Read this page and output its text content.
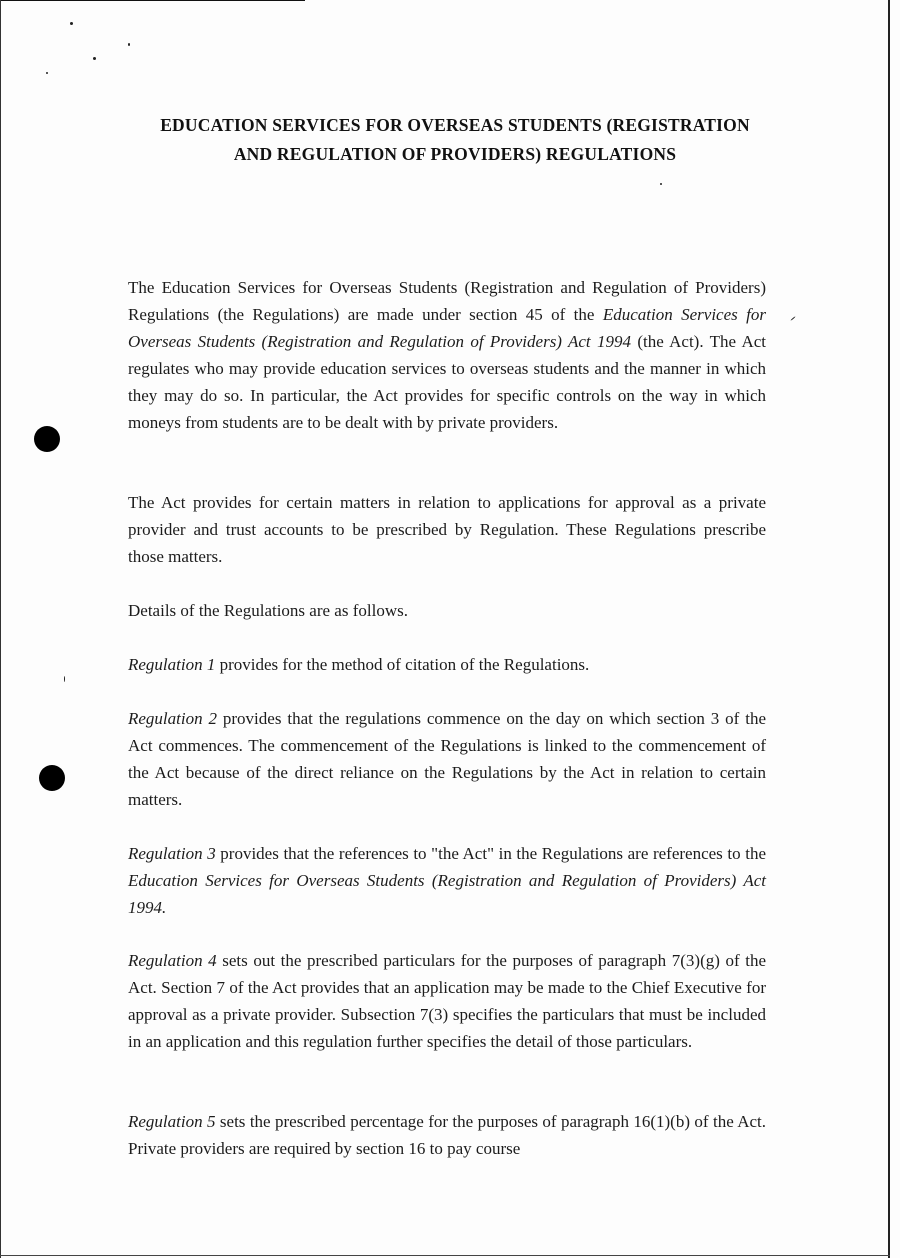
EDUCATION SERVICES FOR OVERSEAS STUDENTS (REGISTRATION
AND REGULATION OF PROVIDERS) REGULATIONS

The Education Services for Overseas Students (Registration and Regulation of Providers) Regulations (the Regulations) are made under section 45 of the Education Services for Overseas Students (Registration and Regulation of Providers) Act 1994 (the Act). The Act regulates who may provide education services to overseas students and the manner in which they may do so. In particular, the Act provides for specific controls on the way in which moneys from students are to be dealt with by private providers.

The Act provides for certain matters in relation to applications for approval as a private provider and trust accounts to be prescribed by Regulation. These Regulations prescribe those matters.

Details of the Regulations are as follows.

Regulation 1 provides for the method of citation of the Regulations.

Regulation 2 provides that the regulations commence on the day on which section 3 of the Act commences. The commencement of the Regulations is linked to the commencement of the Act because of the direct reliance on the Regulations by the Act in relation to certain matters.

Regulation 3 provides that the references to "the Act" in the Regulations are references to the Education Services for Overseas Students (Registration and Regulation of Providers) Act 1994.

Regulation 4 sets out the prescribed particulars for the purposes of paragraph 7(3)(g) of the Act. Section 7 of the Act provides that an application may be made to the Chief Executive for approval as a private provider. Subsection 7(3) specifies the particulars that must be included in an application and this regulation further specifies the detail of those particulars.

Regulation 5 sets the prescribed percentage for the purposes of paragraph 16(1)(b) of the Act. Private providers are required by section 16 to pay course
